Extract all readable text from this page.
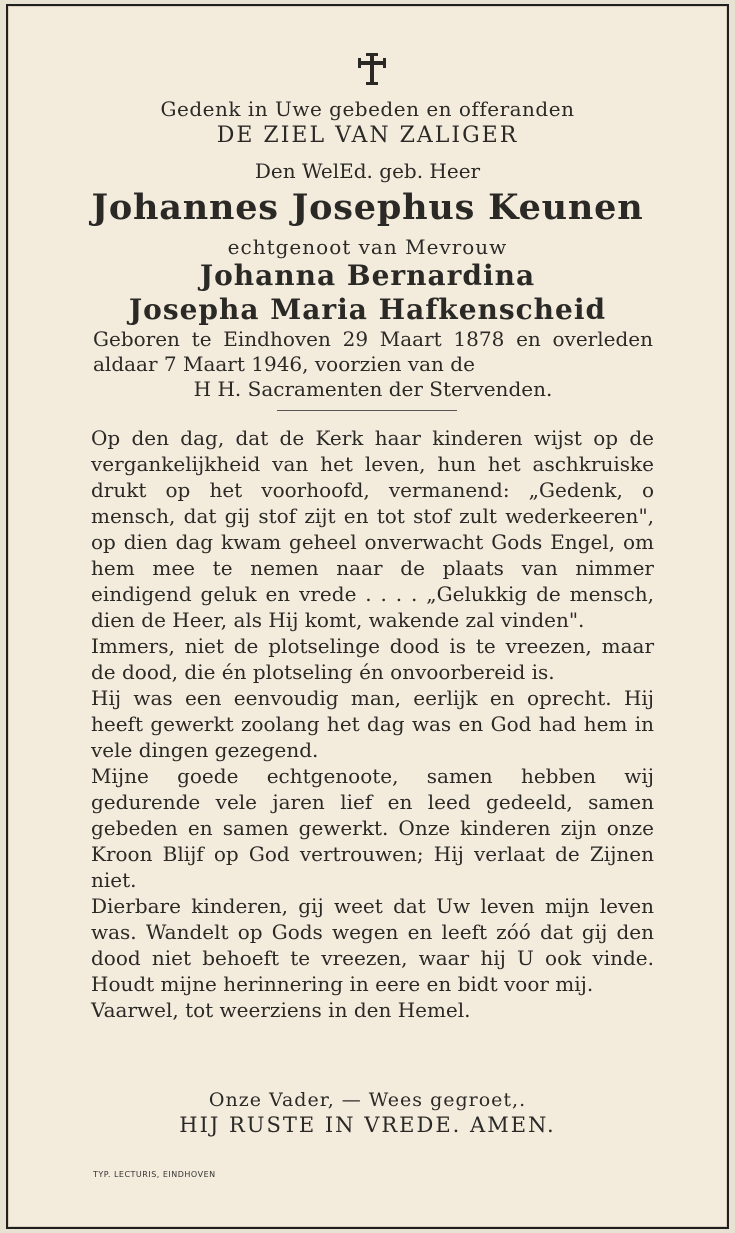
Gedenk in Uwe gebeden en offeranden
DE ZIEL VAN ZALIGER
Den WelEd. geb. Heer
Johannes Josephus Keunen
echtgenoot van Mevrouw
Johanna Bernardina
Josepha Maria Hafkenscheid
Geboren te Eindhoven 29 Maart 1878 en overleden aldaar 7 Maart 1946, voorzien van de
H H. Sacramenten der Stervenden.
Op den dag, dat de Kerk haar kinderen wijst op de vergankelijkheid van het leven, hun het aschkruiske drukt op het voorhoofd, vermanend: „Gedenk, o mensch, dat gij stof zijt en tot stof zult wederkeeren", op dien dag kwam geheel onverwacht Gods Engel, om hem mee te nemen naar de plaats van nimmer eindigend geluk en vrede . . . . „Gelukkig de mensch, dien de Heer, als Hij komt, wakende zal vinden".
Immers, niet de plotselinge dood is te vreezen, maar de dood, die én plotseling én onvoorbereid is.
Hij was een eenvoudig man, eerlijk en oprecht. Hij heeft gewerkt zoolang het dag was en God had hem in vele dingen gezegend.
Mijne goede echtgenoote, samen hebben wij gedurende vele jaren lief en leed gedeeld, samen gebeden en samen gewerkt. Onze kinderen zijn onze Kroon Blijf op God vertrouwen; Hij verlaat de Zijnen niet.
Dierbare kinderen, gij weet dat Uw leven mijn leven was. Wandelt op Gods wegen en leeft zóó dat gij den dood niet behoeft te vreezen, waar hij U ook vinde. Houdt mijne herinnering in eere en bidt voor mij.
Vaarwel, tot weerziens in den Hemel.
Onze Vader, — Wees gegroet,.
HIJ RUSTE IN VREDE. AMEN.
TYP. LECTURIS, EINDHOVEN
